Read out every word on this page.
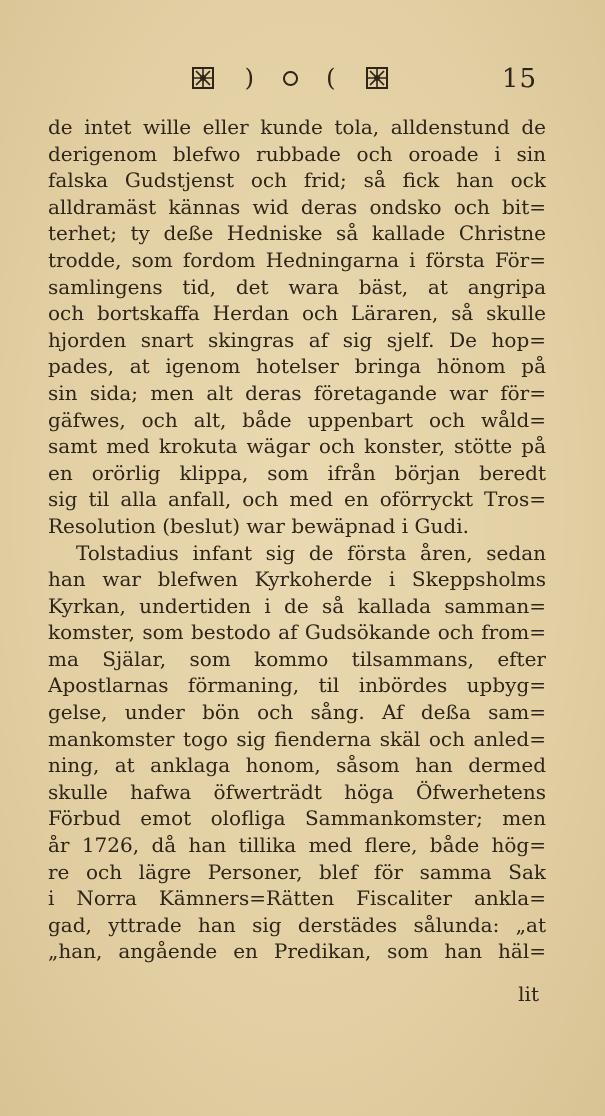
)	(	15
de intet wille eller kunde tola, alldenstund de
derigenom blefwo rubbade och oroade i sin
falska Gudstjenst och frid; så fick han ock
alldramäst kännas wid deras ondsko och bit=
terhet; ty deße Hedniske så kallade Christne
trodde, som fordom Hedningarna i första För=
samlingens tid, det wara bäst, at angripa
och bortskaffa Herdan och Läraren, så skulle
hjorden snart skingras af sig sjelf. De hop=
pades, at igenom hotelser bringa hönom på
sin sida; men alt deras företagande war för=
gäfwes, och alt, både uppenbart och wåld=
samt med krokuta wägar och konster, stötte på
en orörlig klippa, som ifrån början beredt
sig til alla anfall, och med en oförryckt Tros=
Resolution (beslut) war bewäpnad i Gudi.
Tolstadius infant sig de första åren, sedan
han war blefwen Kyrkoherde i Skeppsholms
Kyrkan, undertiden i de så kallada samman=
komster, som bestodo af Gudsökande och from=
ma Själar, som kommo tilsammans, efter
Apostlarnas förmaning, til inbördes upbyg=
gelse, under bön och sång. Af deßa sam=
mankomster togo sig fienderna skäl och anled=
ning, at anklaga honom, såsom han dermed
skulle hafwa öfwerträdt höga Öfwerhetens
Förbud emot olofliga Sammankomster; men
år 1726, då han tillika med flere, både hög=
re och lägre Personer, blef för samma Sak
i Norra Kämners=Rätten Fiscaliter ankla=
gad, yttrade han sig derstädes sålunda: „at
„han, angående en Predikan, som han häl=
lit
